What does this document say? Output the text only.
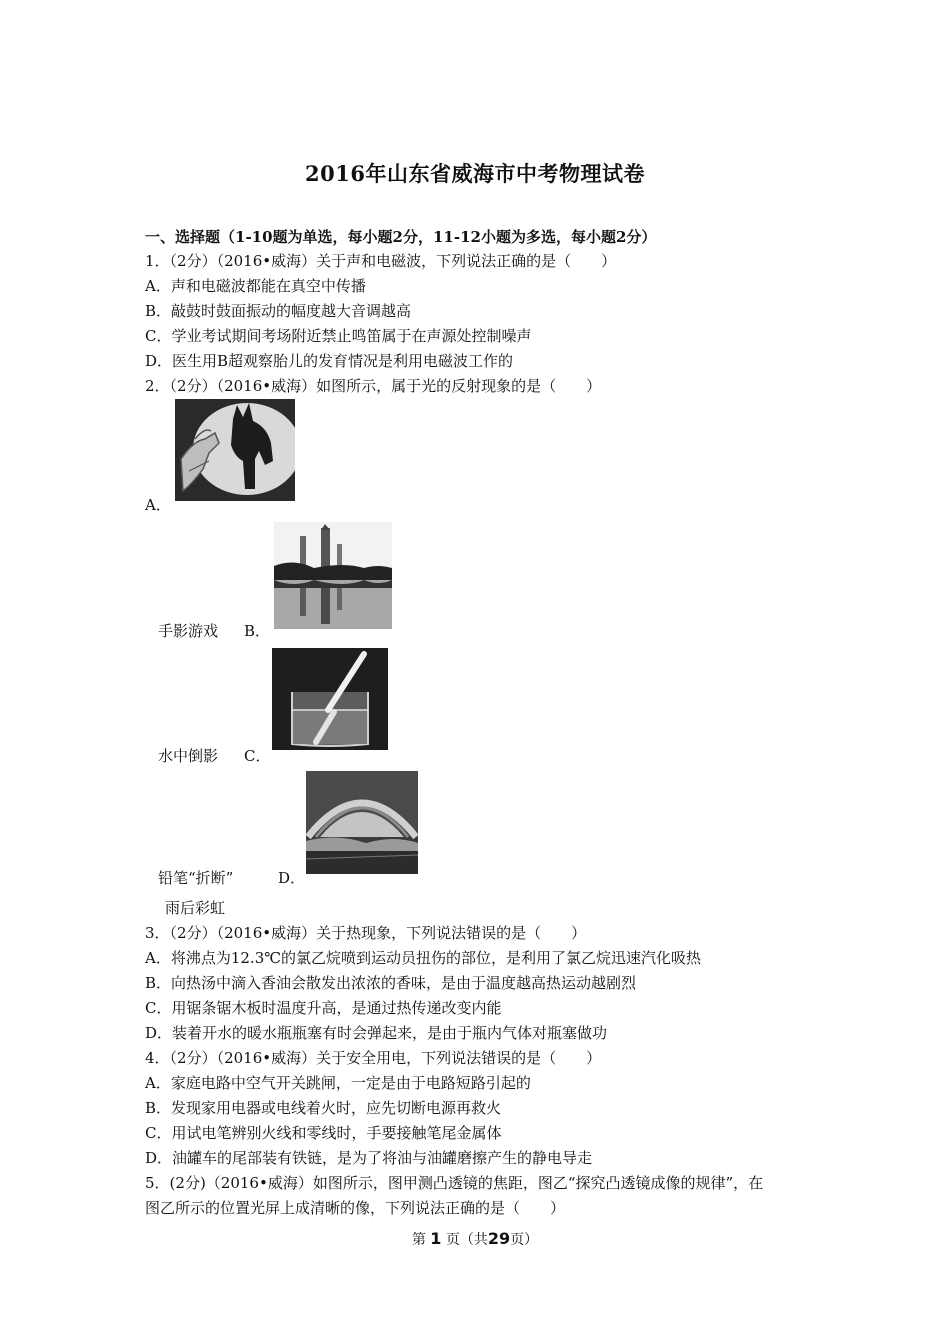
2016年山东省威海市中考物理试卷
一、选择题（1-10题为单选，每小题2分，11-12小题为多选，每小题2分）
1．（2分）（2016•威海）关于声和电磁波，下列说法正确的是（　　）
A．声和电磁波都能在真空中传播
B．敲鼓时鼓面振动的幅度越大音调越高
C．学业考试期间考场附近禁止鸣笛属于在声源处控制噪声
D．医生用B超观察胎儿的发育情况是利用电磁波工作的
2．（2分）（2016•威海）如图所示，属于光的反射现象的是（　　）
A．
手影游戏 B．
水中倒影 C．
铅笔“折断”	D．
雨后彩虹
3．（2分）（2016•威海）关于热现象，下列说法错误的是（　　）
A．将沸点为12.3℃的氯乙烷喷到运动员扭伤的部位，是利用了氯乙烷迅速汽化吸热
B．向热汤中滴入香油会散发出浓浓的香味，是由于温度越高热运动越剧烈
C．用锯条锯木板时温度升高，是通过热传递改变内能
D．装着开水的暖水瓶瓶塞有时会弹起来，是由于瓶内气体对瓶塞做功
4．（2分）（2016•威海）关于安全用电，下列说法错误的是（　　）
A．家庭电路中空气开关跳闸，一定是由于电路短路引起的
B．发现家用电器或电线着火时，应先切断电源再救火
C．用试电笔辨别火线和零线时，手要接触笔尾金属体
D．油罐车的尾部装有铁链，是为了将油与油罐磨擦产生的静电导走
5．(2分)（2016•威海）如图所示，图甲测凸透镜的焦距，图乙“探究凸透镜成像的规律”，在
图乙所示的位置光屏上成清晰的像，下列说法正确的是（　　）
第 1 页（共29页）
